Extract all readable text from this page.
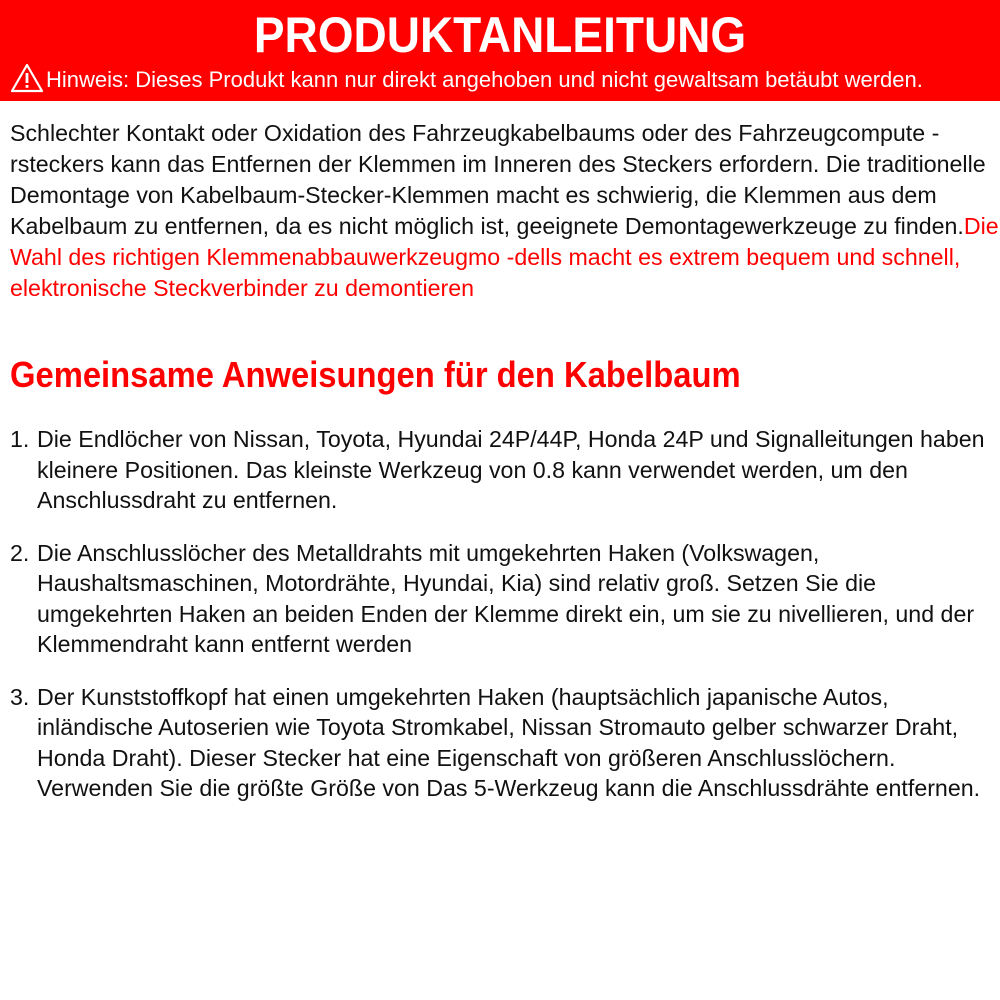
PRODUKTANLEITUNG
Hinweis: Dieses Produkt kann nur direkt angehoben und nicht gewaltsam betäubt werden.

Schlechter Kontakt oder Oxidation des Fahrzeugkabelbaums oder des Fahrzeugcompute -rsteckers kann das Entfernen der Klemmen im Inneren des Steckers erfordern. Die traditionelle Demontage von Kabelbaum-Stecker-Klemmen macht es schwierig, die Klemmen aus dem Kabelbaum zu entfernen, da es nicht möglich ist, geeignete Demontagewerkzeuge zu finden.Die Wahl des richtigen Klemmenabbauwerkzeugmo -dells macht es extrem bequem und schnell, elektronische Steckverbinder zu demontieren

Gemeinsame Anweisungen für den Kabelbaum
1. Die Endlöcher von Nissan, Toyota, Hyundai 24P/44P, Honda 24P und Signalleitungen haben kleinere Positionen. Das kleinste Werkzeug von 0.8 kann verwendet werden, um den Anschlussdraht zu entfernen.
2. Die Anschlusslöcher des Metalldrahts mit umgekehrten Haken (Volkswagen, Haushaltsmaschinen, Motordrähte, Hyundai, Kia) sind relativ groß. Setzen Sie die umgekehrten Haken an beiden Enden der Klemme direkt ein, um sie zu nivellieren, und der Klemmendraht kann entfernt werden
3. Der Kunststoffkopf hat einen umgekehrten Haken (hauptsächlich japanische Autos, inländische Autoserien wie Toyota Stromkabel, Nissan Stromauto gelber schwarzer Draht, Honda Draht). Dieser Stecker hat eine Eigenschaft von größeren Anschlusslöchern. Verwenden Sie die größte Größe von Das 5-Werkzeug kann die Anschlussdrähte entfernen.
